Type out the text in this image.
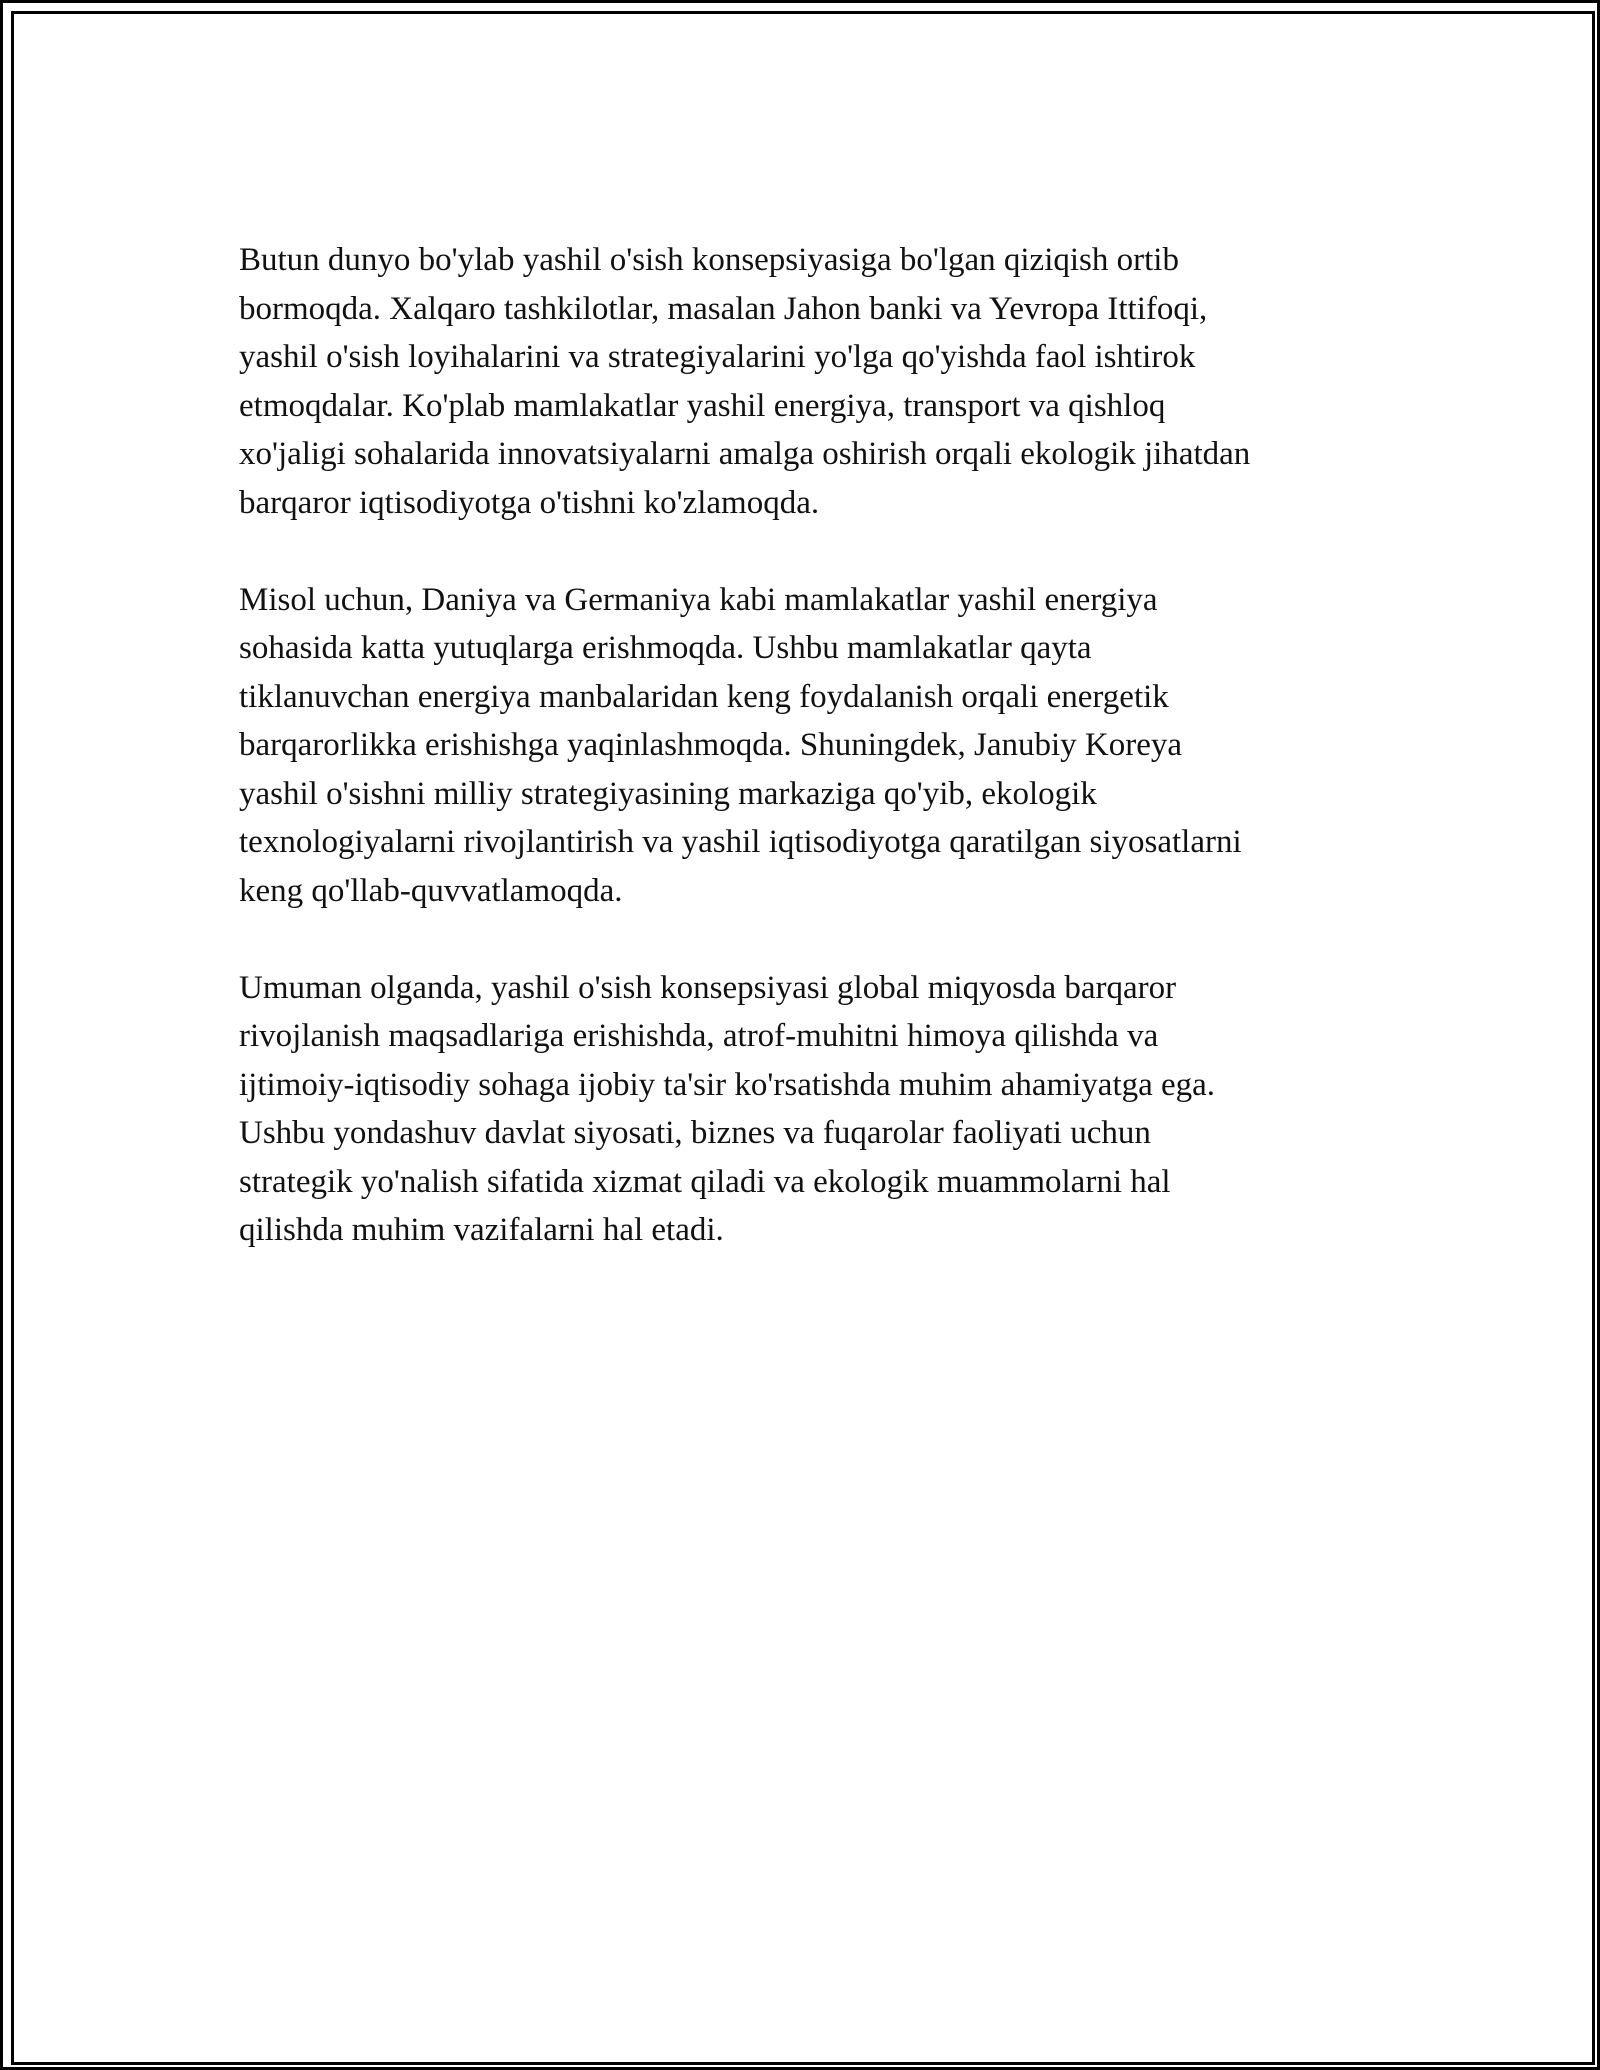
Butun dunyo bo'ylab yashil o'sish konsepsiyasiga bo'lgan qiziqish ortib
bormoqda. Xalqaro tashkilotlar, masalan Jahon banki va Yevropa Ittifoqi,
yashil o'sish loyihalarini va strategiyalarini yo'lga qo'yishda faol ishtirok
etmoqdalar. Ko'plab mamlakatlar yashil energiya, transport va qishloq
xo'jaligi sohalarida innovatsiyalarni amalga oshirish orqali ekologik jihatdan
barqaror iqtisodiyotga o'tishni ko'zlamoqda.

Misol uchun, Daniya va Germaniya kabi mamlakatlar yashil energiya
sohasida katta yutuqlarga erishmoqda. Ushbu mamlakatlar qayta
tiklanuvchan energiya manbalaridan keng foydalanish orqali energetik
barqarorlikka erishishga yaqinlashmoqda. Shuningdek, Janubiy Koreya
yashil o'sishni milliy strategiyasining markaziga qo'yib, ekologik
texnologiyalarni rivojlantirish va yashil iqtisodiyotga qaratilgan siyosatlarni
keng qo'llab-quvvatlamoqda.

Umuman olganda, yashil o'sish konsepsiyasi global miqyosda barqaror
rivojlanish maqsadlariga erishishda, atrof-muhitni himoya qilishda va
ijtimoiy-iqtisodiy sohaga ijobiy ta'sir ko'rsatishda muhim ahamiyatga ega.
Ushbu yondashuv davlat siyosati, biznes va fuqarolar faoliyati uchun
strategik yo'nalish sifatida xizmat qiladi va ekologik muammolarni hal
qilishda muhim vazifalarni hal etadi.
